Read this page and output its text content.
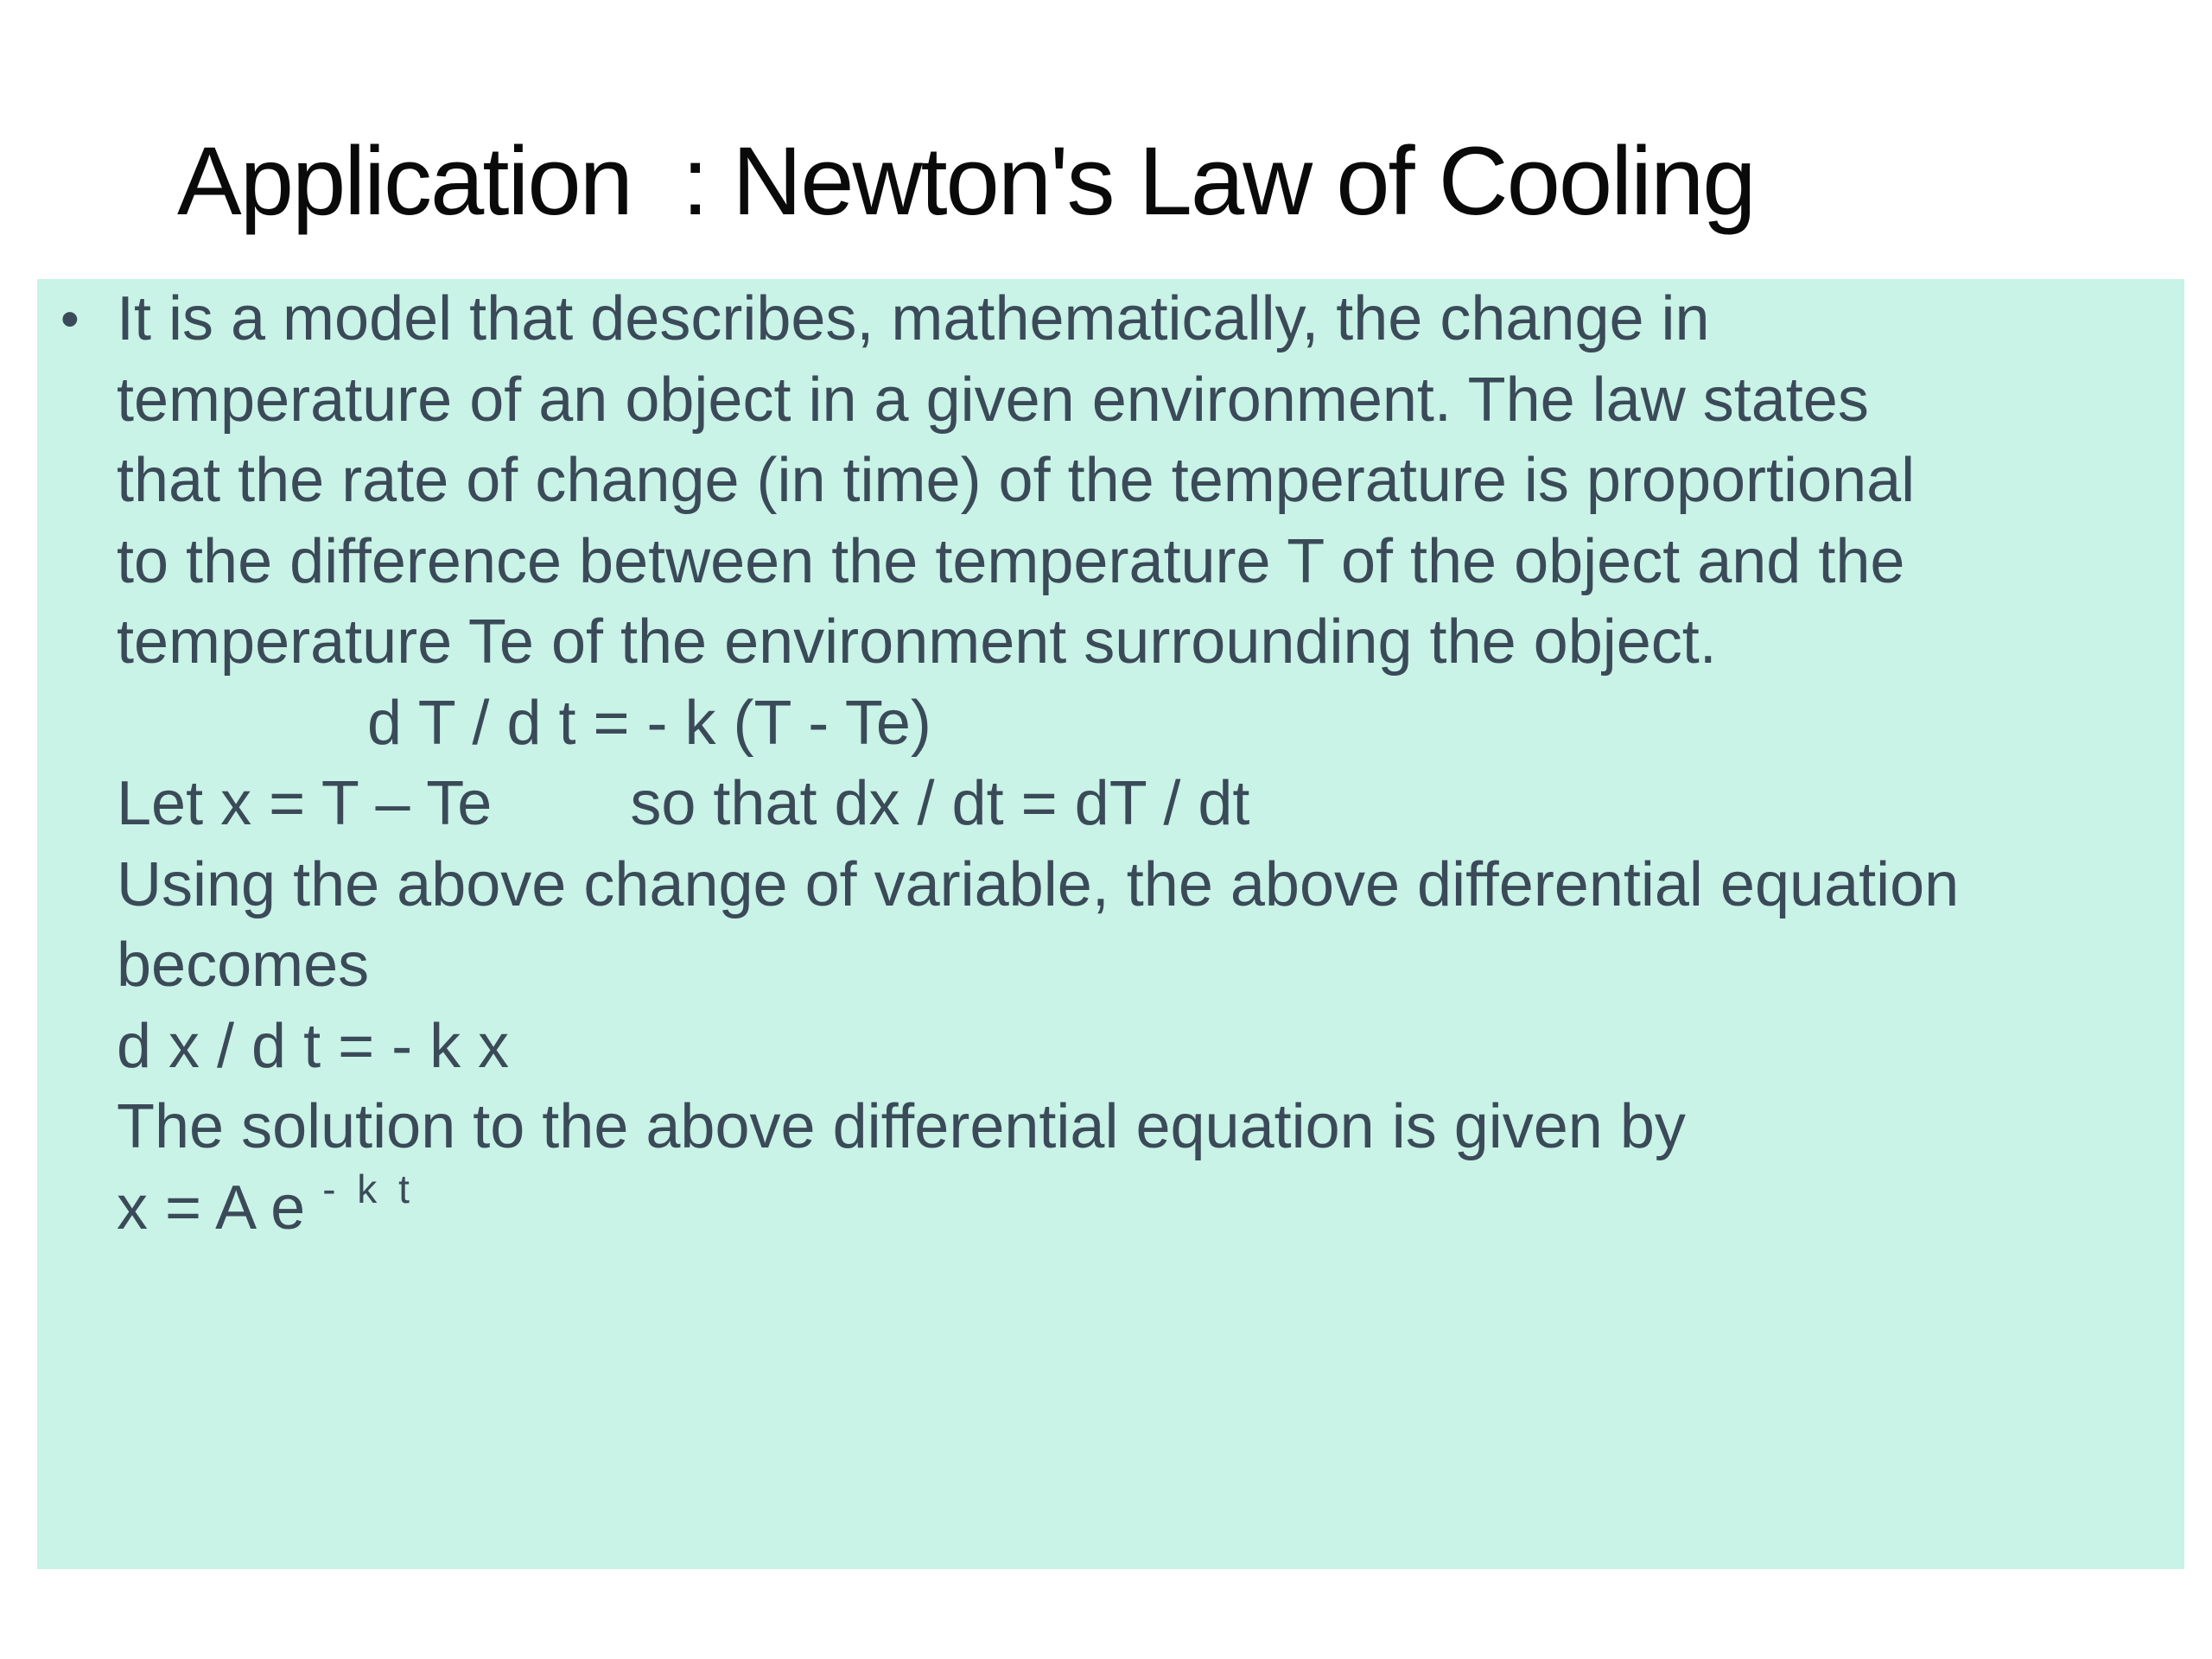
Application  : Newton's Law of Cooling
• It is a model that describes, mathematically, the change in
temperature of an object in a given environment. The law states
that the rate of change (in time) of the temperature is proportional
to the difference between the temperature T of the object and the
temperature Te of the environment surrounding the object.
d T / d t = - k (T - Te)
Let x = T – Te        so that dx / dt = dT / dt
Using the above change of variable, the above differential equation
becomes
d x / d t = - k x
The solution to the above differential equation is given by
x = A e $^{- k t}$
